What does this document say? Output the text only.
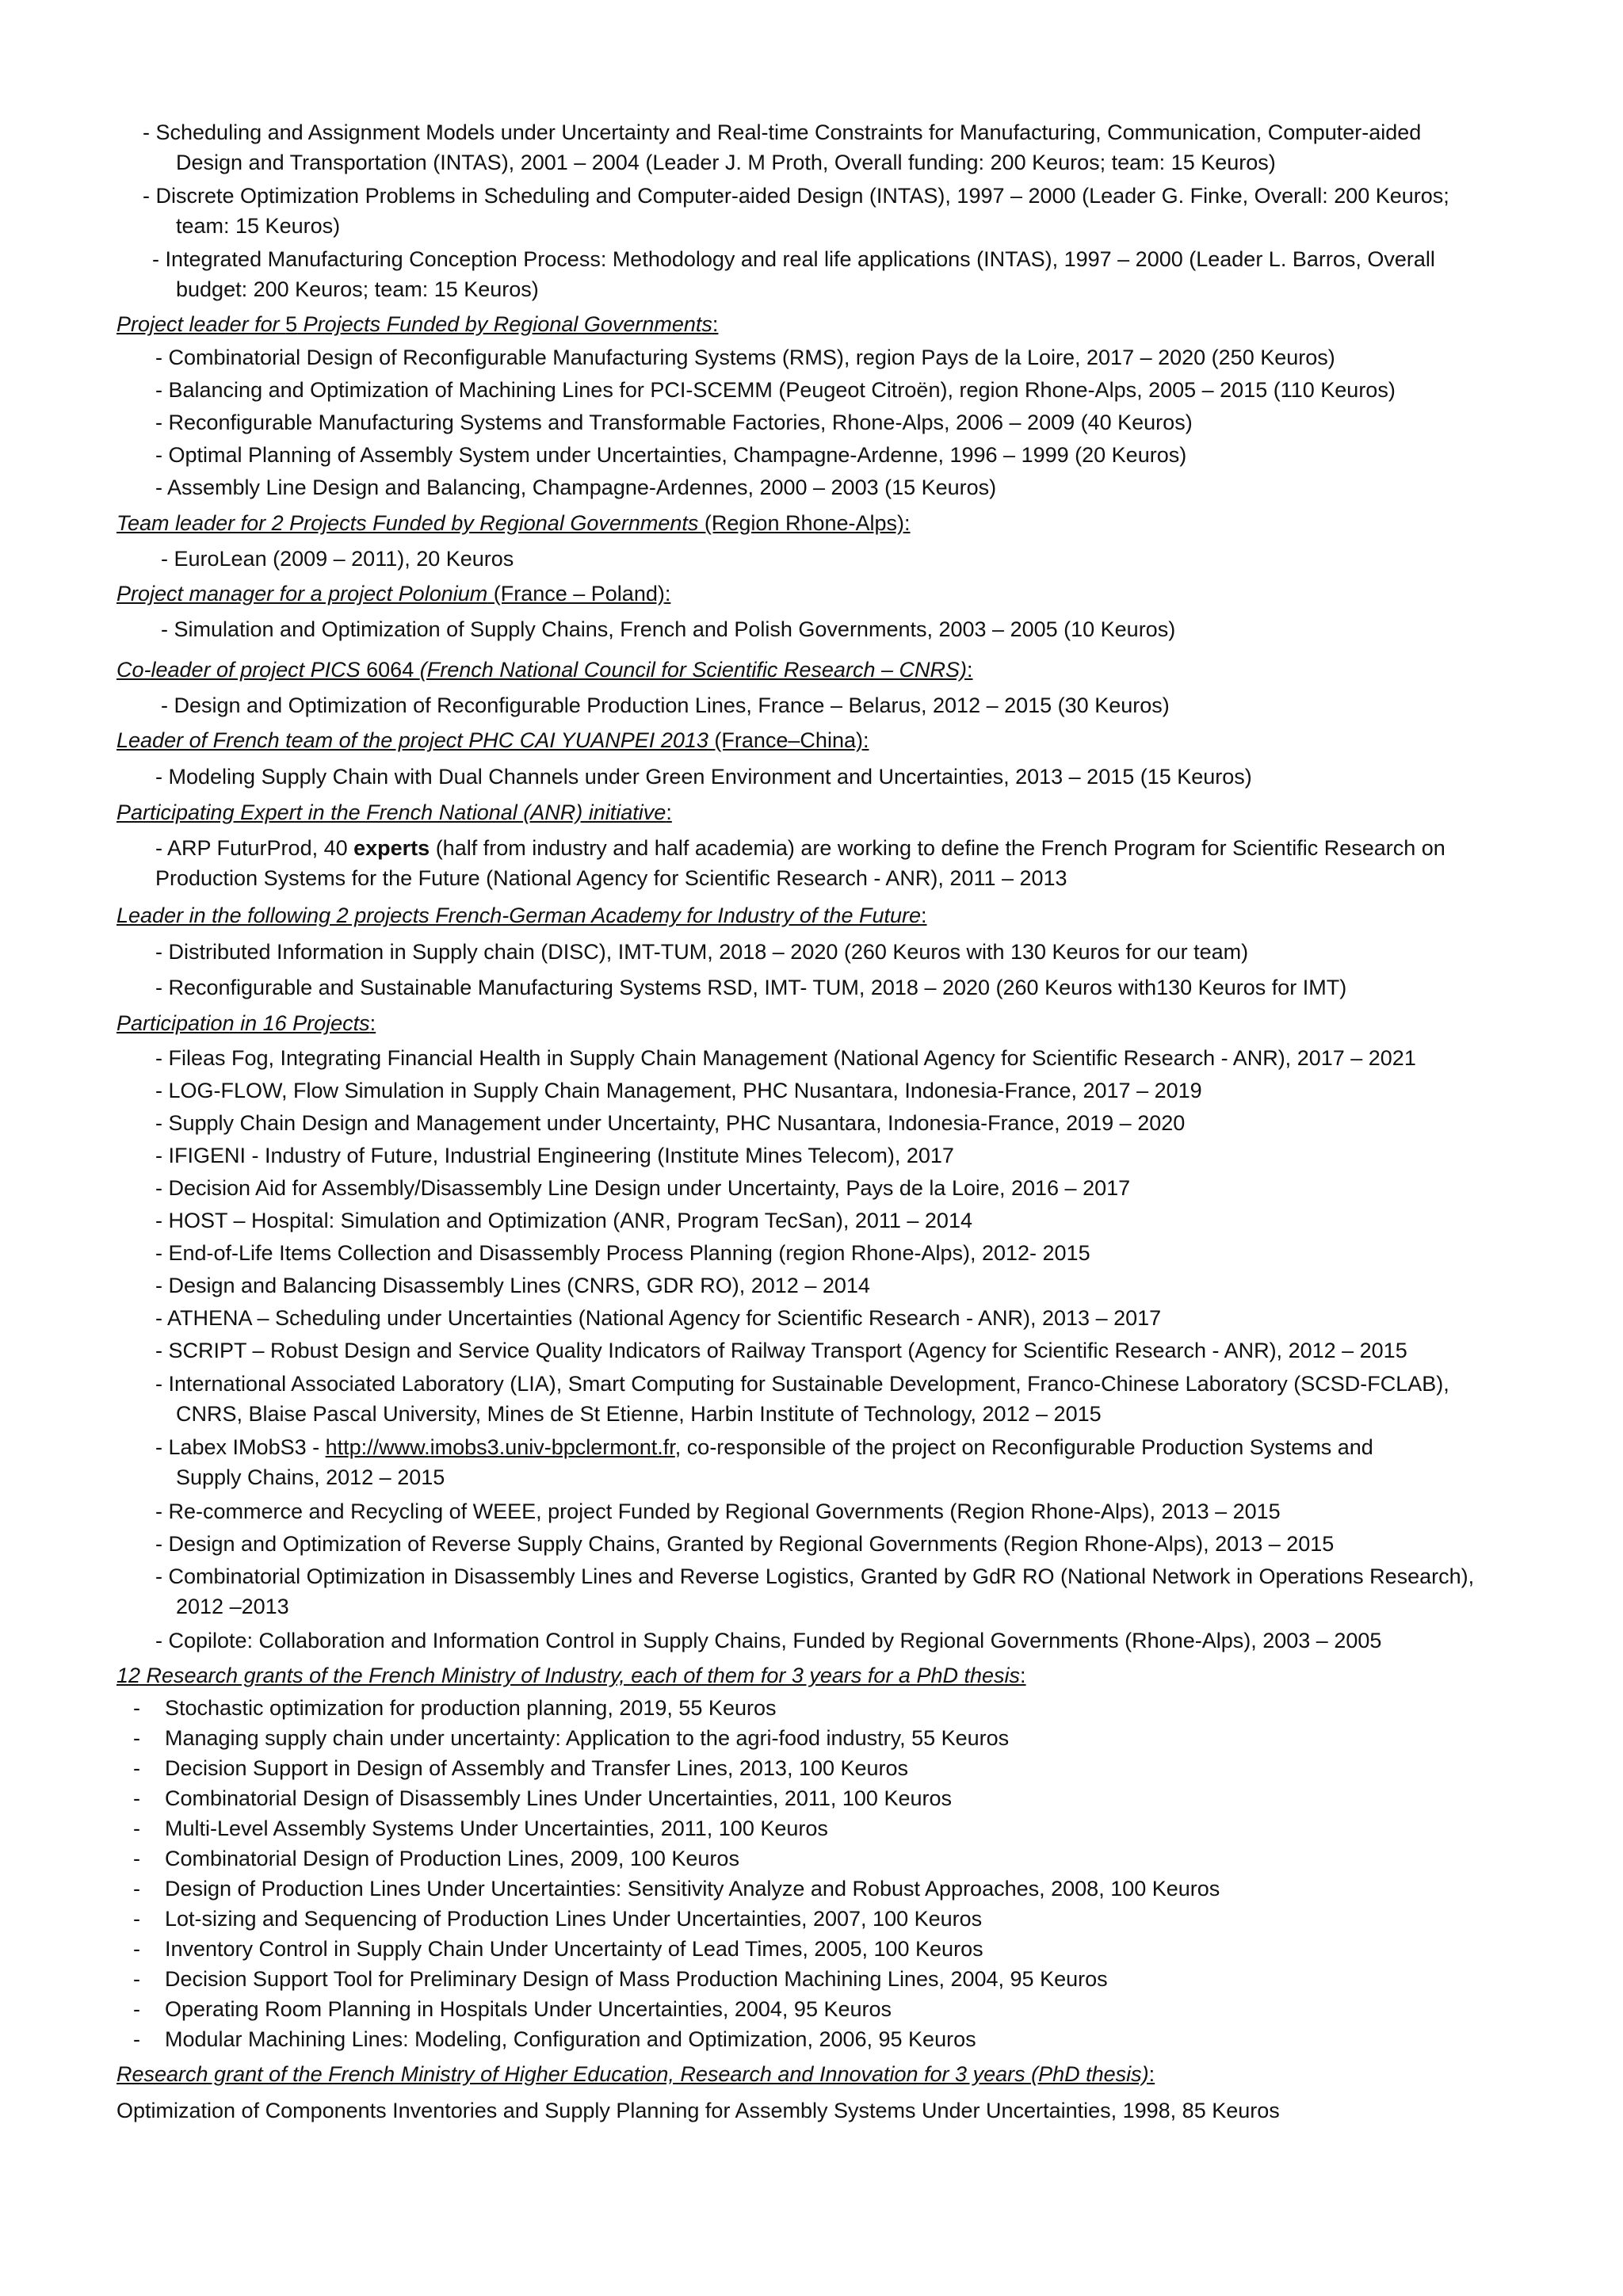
- Scheduling and Assignment Models under Uncertainty and Real-time Constraints for Manufacturing, Communication, Computer-aided
Design and Transportation (INTAS), 2001 – 2004 (Leader J. M Proth, Overall funding: 200 Keuros; team: 15 Keuros)
- Discrete Optimization Problems in Scheduling and Computer-aided Design (INTAS), 1997 – 2000 (Leader G. Finke, Overall: 200 Keuros;
team: 15 Keuros)
- Integrated Manufacturing Conception Process: Methodology and real life applications (INTAS), 1997 – 2000 (Leader L. Barros, Overall
budget: 200 Keuros; team: 15 Keuros)
Project leader for 5 Projects Funded by Regional Governments:
- Combinatorial Design of Reconfigurable Manufacturing Systems (RMS), region Pays de la Loire, 2017 – 2020 (250 Keuros)
- Balancing and Optimization of Machining Lines for PCI-SCEMM (Peugeot Citroën), region Rhone-Alps, 2005 – 2015 (110 Keuros)
- Reconfigurable Manufacturing Systems and Transformable Factories, Rhone-Alps, 2006 – 2009 (40 Keuros)
- Optimal Planning of Assembly System under Uncertainties, Champagne-Ardenne, 1996 – 1999 (20 Keuros)
- Assembly Line Design and Balancing, Champagne-Ardennes, 2000 – 2003 (15 Keuros)
Team leader for 2 Projects Funded by Regional Governments (Region Rhone-Alps):
- EuroLean (2009 – 2011), 20 Keuros
Project manager for a project Polonium (France – Poland):
- Simulation and Optimization of Supply Chains, French and Polish Governments, 2003 – 2005 (10 Keuros)
Co-leader of project PICS 6064 (French National Council for Scientific Research – CNRS):
- Design and Optimization of Reconfigurable Production Lines, France – Belarus, 2012 – 2015 (30 Keuros)
Leader of French team of the project PHC CAI YUANPEI 2013 (France–China):
- Modeling Supply Chain with Dual Channels under Green Environment and Uncertainties, 2013 – 2015 (15 Keuros)
Participating Expert in the French National (ANR) initiative:
- ARP FuturProd, 40 experts (half from industry and half academia) are working to define the French Program for Scientific Research on
Production Systems for the Future (National Agency for Scientific Research - ANR), 2011 – 2013
Leader in the following 2 projects French-German Academy for Industry of the Future:
- Distributed Information in Supply chain (DISC), IMT-TUM, 2018 – 2020 (260 Keuros with 130 Keuros for our team)
- Reconfigurable and Sustainable Manufacturing Systems RSD, IMT- TUM, 2018 – 2020 (260 Keuros with130 Keuros for IMT)
Participation in 16 Projects:
- Fileas Fog, Integrating Financial Health in Supply Chain Management (National Agency for Scientific Research - ANR), 2017 – 2021
- LOG-FLOW, Flow Simulation in Supply Chain Management, PHC Nusantara, Indonesia-France, 2017 – 2019
- Supply Chain Design and Management under Uncertainty, PHC Nusantara, Indonesia-France, 2019 – 2020
- IFIGENI - Industry of Future, Industrial Engineering (Institute Mines Telecom), 2017
- Decision Aid for Assembly/Disassembly Line Design under Uncertainty, Pays de la Loire, 2016 – 2017
- HOST – Hospital: Simulation and Optimization (ANR, Program TecSan), 2011 – 2014
- End-of-Life Items Collection and Disassembly Process Planning (region Rhone-Alps), 2012- 2015
- Design and Balancing Disassembly Lines (CNRS, GDR RO), 2012 – 2014
- ATHENA – Scheduling under Uncertainties (National Agency for Scientific Research - ANR), 2013 – 2017
- SCRIPT – Robust Design and Service Quality Indicators of Railway Transport (Agency for Scientific Research - ANR), 2012 – 2015
- International Associated Laboratory (LIA), Smart Computing for Sustainable Development, Franco-Chinese Laboratory (SCSD-FCLAB),
CNRS, Blaise Pascal University, Mines de St Etienne, Harbin Institute of Technology, 2012 – 2015
- Labex IMobS3 - http://www.imobs3.univ-bpclermont.fr, co-responsible of the project on Reconfigurable Production Systems and
Supply Chains, 2012 – 2015
- Re-commerce and Recycling of WEEE, project Funded by Regional Governments (Region Rhone-Alps), 2013 – 2015
- Design and Optimization of Reverse Supply Chains, Granted by Regional Governments (Region Rhone-Alps), 2013 – 2015
- Combinatorial Optimization in Disassembly Lines and Reverse Logistics, Granted by GdR RO (National Network in Operations Research),
2012 –2013
- Copilote: Collaboration and Information Control in Supply Chains, Funded by Regional Governments (Rhone-Alps), 2003 – 2005
12 Research grants of the French Ministry of Industry, each of them for 3 years for a PhD thesis:
- Stochastic optimization for production planning, 2019, 55 Keuros
- Managing supply chain under uncertainty: Application to the agri-food industry, 55 Keuros
- Decision Support in Design of Assembly and Transfer Lines, 2013, 100 Keuros
- Combinatorial Design of Disassembly Lines Under Uncertainties, 2011, 100 Keuros
- Multi-Level Assembly Systems Under Uncertainties, 2011, 100 Keuros
- Combinatorial Design of Production Lines, 2009, 100 Keuros
- Design of Production Lines Under Uncertainties: Sensitivity Analyze and Robust Approaches, 2008, 100 Keuros
- Lot-sizing and Sequencing of Production Lines Under Uncertainties, 2007, 100 Keuros
- Inventory Control in Supply Chain Under Uncertainty of Lead Times, 2005, 100 Keuros
- Decision Support Tool for Preliminary Design of Mass Production Machining Lines, 2004, 95 Keuros
- Operating Room Planning in Hospitals Under Uncertainties, 2004, 95 Keuros
- Modular Machining Lines: Modeling, Configuration and Optimization, 2006, 95 Keuros
Research grant of the French Ministry of Higher Education, Research and Innovation for 3 years (PhD thesis):
Optimization of Components Inventories and Supply Planning for Assembly Systems Under Uncertainties, 1998, 85 Keuros
